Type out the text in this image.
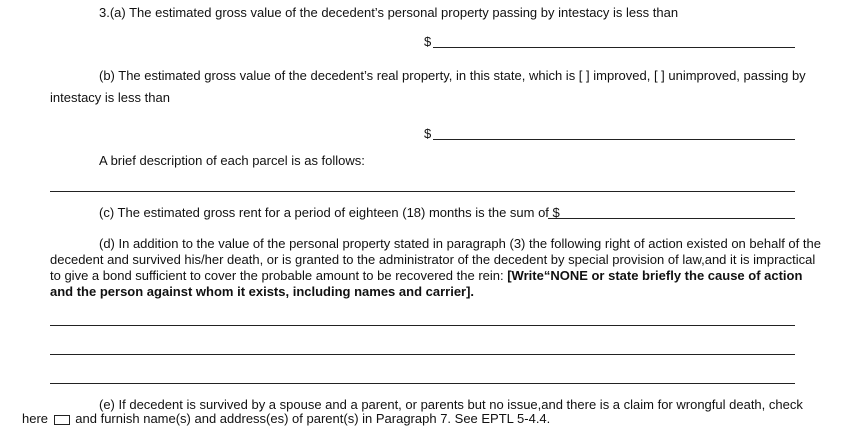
3.(a) The estimated gross value of the decedent’s personal property passing by intestacy is less than
$
(b) The estimated gross value of the decedent’s real property, in this state, which is [ ] improved, [ ] unimproved, passing by
intestacy is less than
$
A brief description of each parcel is as follows:
(c) The estimated gross rent for a period of eighteen (18) months is the sum of $
(d) In addition to the value of the personal property stated in paragraph (3) the following right of action existed on behalf of the
decedent and survived his/her death, or is granted to the administrator of the decedent by special provision of law,and it is impractical
to give a bond sufficient to cover the probable amount to be recovered the rein: [Write“NONE or state briefly the cause of action
and the person against whom it exists, including names and carrier].
(e) If decedent is survived by a spouse and a parent, or parents but no issue,and there is a claim for wrongful death, check
here and furnish name(s) and address(es) of parent(s) in Paragraph 7. See EPTL 5-4.4.
